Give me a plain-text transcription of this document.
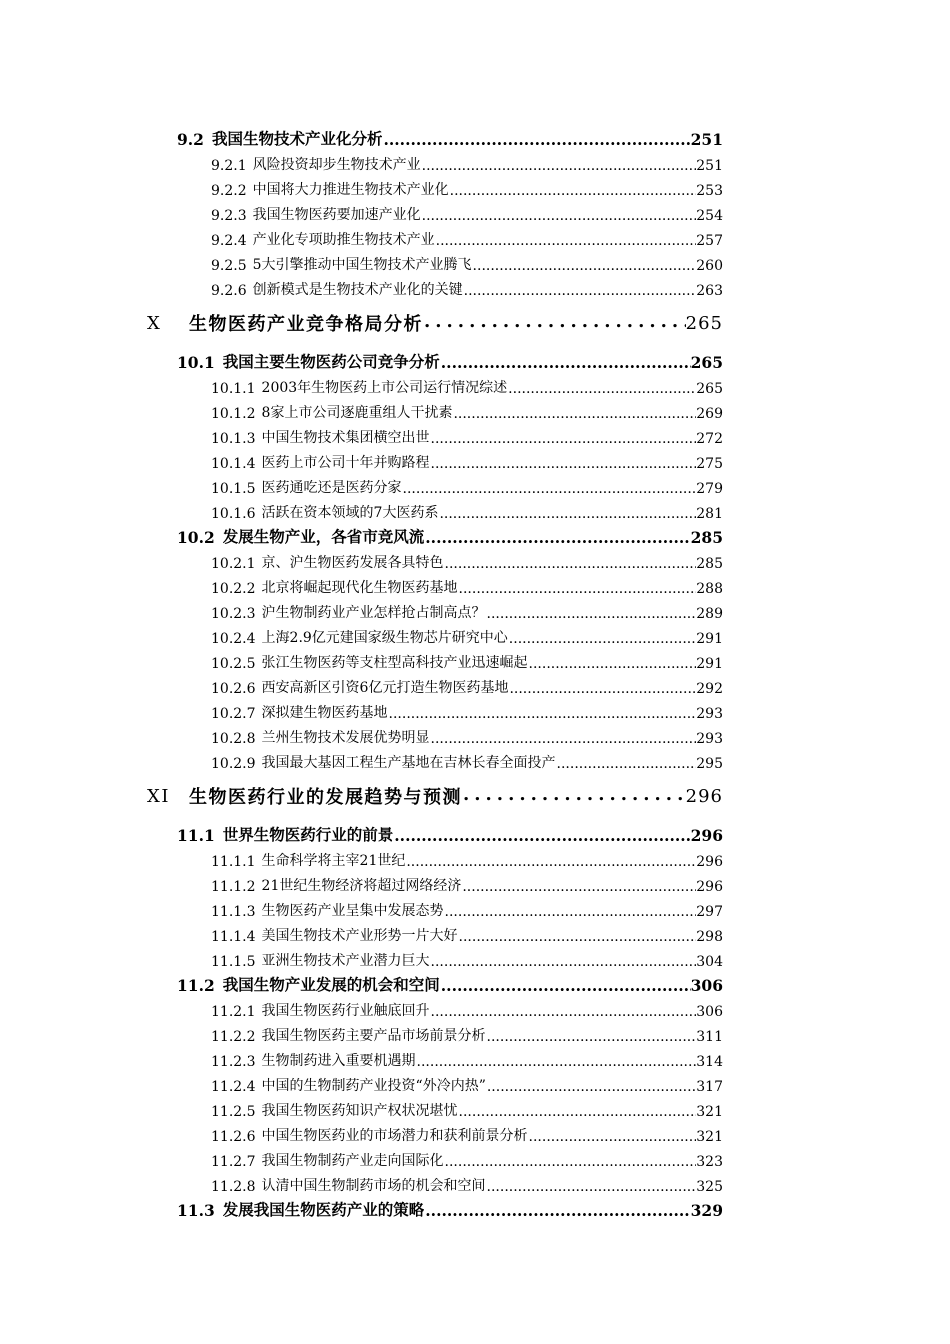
9.2 我国生物技术产业化分析 .....	251
9.2.1 风险投资却步生物技术产业 .....	251
9.2.2 中国将大力推进生物技术产业化 .....	253
9.2.3 我国生物医药要加速产业化 .....	254
9.2.4 产业化专项助推生物技术产业 .....	257
9.2.5 5大引擎推动中国生物技术产业腾飞 .....	260
9.2.6 创新模式是生物技术产业化的关键 .....	263
X	生物医药产业竞争格局分析 .....	265
10.1 我国主要生物医药公司竞争分析 .....	265
10.1.1 2003年生物医药上市公司运行情况综述 .....	265
10.1.2 8家上市公司逐鹿重组人干扰素 .....	269
10.1.3 中国生物技术集团横空出世 .....	272
10.1.4 医药上市公司十年并购路程 .....	275
10.1.5 医药通吃还是医药分家 .....	279
10.1.6 活跃在资本领域的7大医药系 .....	281
10.2 发展生物产业，各省市竞风流 .....	285
10.2.1 京、沪生物医药发展各具特色 .....	285
10.2.2 北京将崛起现代化生物医药基地 .....	288
10.2.3 沪生物制药业产业怎样抢占制高点？ .....	289
10.2.4 上海2.9亿元建国家级生物芯片研究中心 .....	291
10.2.5 张江生物医药等支柱型高科技产业迅速崛起 .....	291
10.2.6 西安高新区引资6亿元打造生物医药基地 .....	292
10.2.7 深拟建生物医药基地 .....	293
10.2.8 兰州生物技术发展优势明显 .....	293
10.2.9 我国最大基因工程生产基地在吉林长春全面投产 .....	295
XI	生物医药行业的发展趋势与预测 .....	296
11.1 世界生物医药行业的前景 .....	296
11.1.1 生命科学将主宰21世纪 .....	296
11.1.2 21世纪生物经济将超过网络经济 .....	296
11.1.3 生物医药产业呈集中发展态势 .....	297
11.1.4 美国生物技术产业形势一片大好 .....	298
11.1.5 亚洲生物技术产业潜力巨大 .....	304
11.2 我国生物产业发展的机会和空间 .....	306
11.2.1 我国生物医药行业触底回升 .....	306
11.2.2 我国生物医药主要产品市场前景分析 .....	311
11.2.3 生物制药进入重要机遇期 .....	314
11.2.4 中国的生物制药产业投资“外冷内热” .....	317
11.2.5 我国生物医药知识产权状况堪忧 .....	321
11.2.6 中国生物医药业的市场潜力和获利前景分析 .....	321
11.2.7 我国生物制药产业走向国际化 .....	323
11.2.8 认清中国生物制药市场的机会和空间 .....	325
11.3 发展我国生物医药产业的策略 .....	329
